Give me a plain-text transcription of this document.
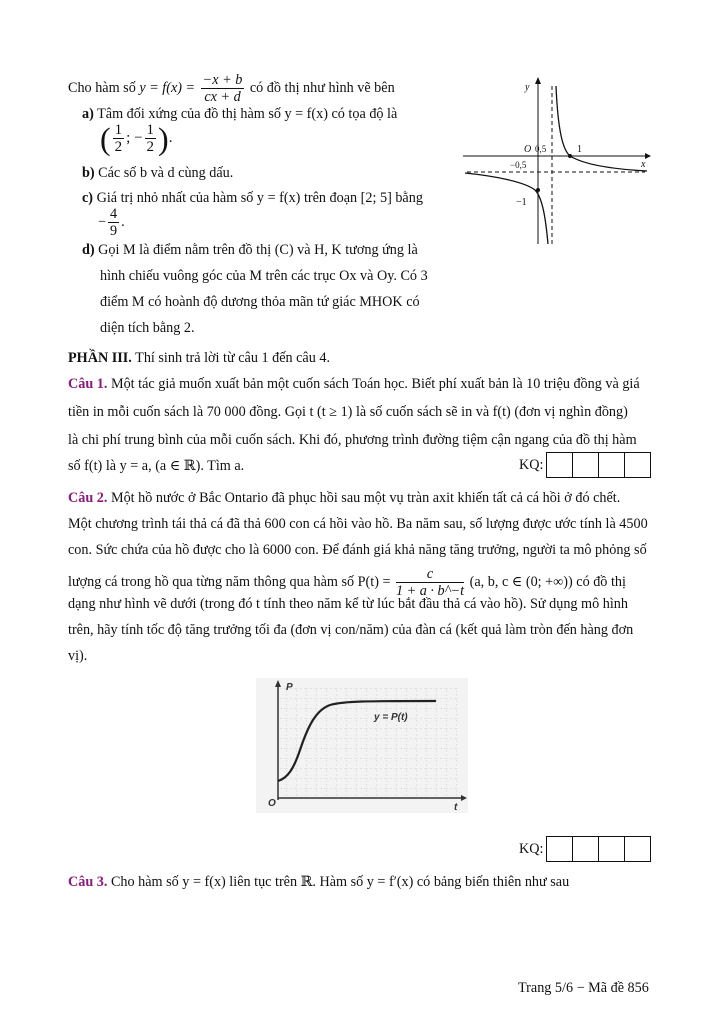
Cho hàm số $y = f(x) = \frac{-x + b}{cx + d}$ có đồ thị như hình vẽ bên
a) Tâm đối xứng của đồ thị hàm số y = f(x) có tọa độ là
( $\frac{1}{2}$ ; − $\frac{1}{2}$ ).
b) Các số b và d cùng dấu.
c) Giá trị nhỏ nhất của hàm số y = f(x) trên đoạn [2; 5] bằng
− $\frac{4}{9}$ .
d) Gọi M là điểm nằm trên đồ thị (C) và H, K tương ứng là
hình chiếu vuông góc của M trên các trục Ox và Oy. Có 3
điểm M có hoành độ dương thỏa mãn tứ giác MHOK có
diện tích bằng 2.
y
x
O 0,5	1
−0,5
−1
PHẦN III. Thí sinh trả lời từ câu 1 đến câu 4.
Câu 1. Một tác giả muốn xuất bản một cuốn sách Toán học. Biết phí xuất bản là 10 triệu đồng và giá
tiền in mỗi cuốn sách là 70 000 đồng. Gọi t (t ≥ 1) là số cuốn sách sẽ in và f(t) (đơn vị nghìn đồng)
là chi phí trung bình của mỗi cuốn sách. Khi đó, phương trình đường tiệm cận ngang của đồ thị hàm
số f(t) là y = a, (a ∈ ℝ). Tìm a.	KQ:
Câu 2. Một hồ nước ở Bắc Ontario đã phục hồi sau một vụ tràn axit khiến tất cả cá hồi ở đó chết.
Một chương trình tái thả cá đã thả 600 con cá hồi vào hồ. Ba năm sau, số lượng được ước tính là 4500
con. Sức chứa của hồ được cho là 6000 con. Để đánh giá khả năng tăng trưởng, người ta mô phỏng số
lượng cá trong hồ qua từng năm thông qua hàm số $P(t) = \frac{c}{1 + a \cdot b\^{}-t} (a$, b, c ∈ (0; +∞)) có đồ thị
dạng như hình vẽ dưới (trong đó t tính theo năm kể từ lúc bắt đầu thả cá vào hồ). Sử dụng mô hình
trên, hãy tính tốc độ tăng trưởng tối đa (đơn vị con/năm) của đàn cá (kết quả làm tròn đến hàng đơn
vị).
P
t
O
y = P(t)
KQ:
Câu 3. Cho hàm số y = f(x) liên tục trên ℝ. Hàm số y = f′(x) có bảng biến thiên như sau
Trang 5/6 − Mã đề 856
